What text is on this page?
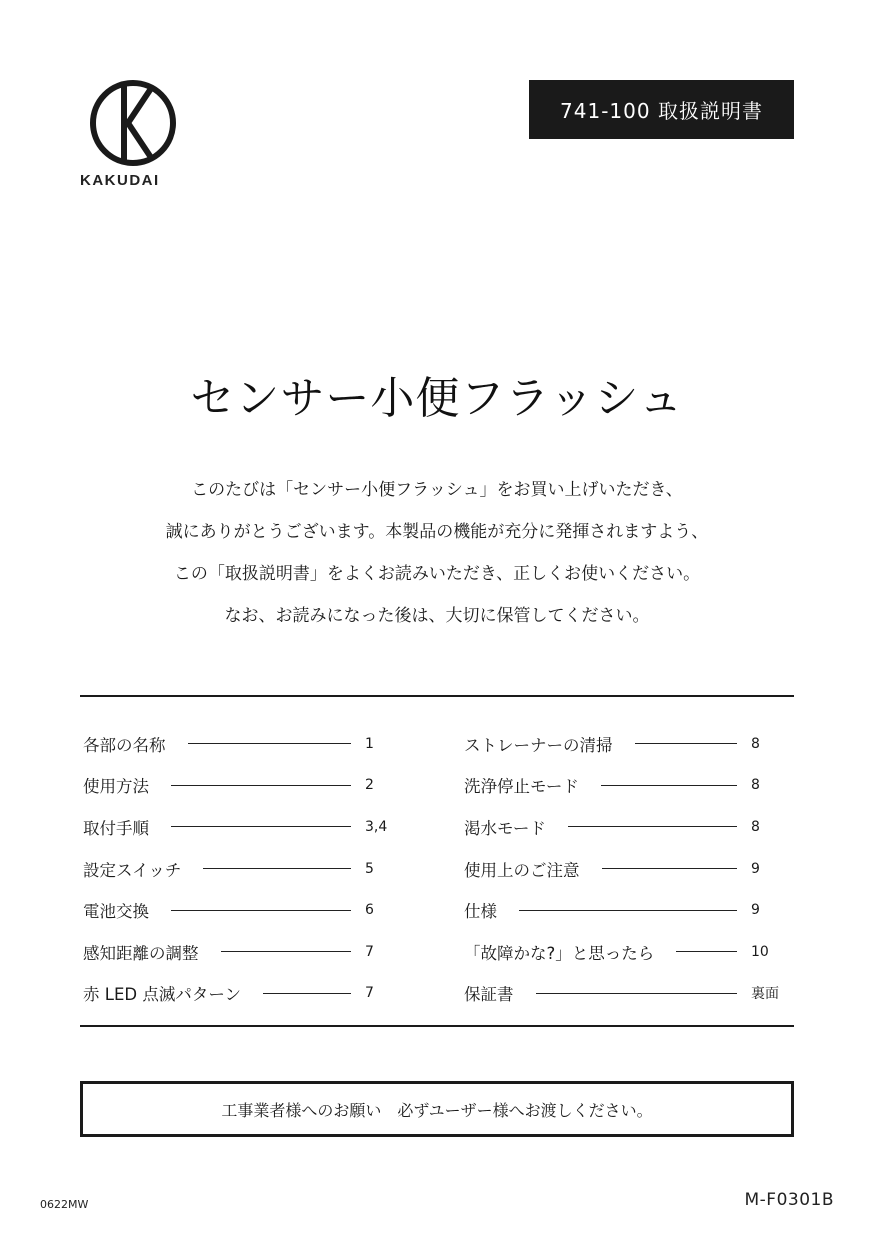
KAKUDAI
741-100 取扱説明書
センサー小便フラッシュ
このたびは「センサー小便フラッシュ」をお買い上げいただき、
誠にありがとうございます。本製品の機能が充分に発揮されますよう、
この「取扱説明書」をよくお読みいただき、正しくお使いください。
なお、お読みになった後は、大切に保管してください。
各部の名称	1
使用方法	2
取付手順	3,4
設定スイッチ	5
電池交換	6
感知距離の調整	7
赤 LED 点滅パターン	7
ストレーナーの清掃	8
洗浄停止モード	8
渇水モード	8
使用上のご注意	9
仕様	9
「故障かな?」と思ったら	10
保証書	裏面
工事業者様へのお願い　必ずユーザー様へお渡しください。
0622MW	M-F0301B
